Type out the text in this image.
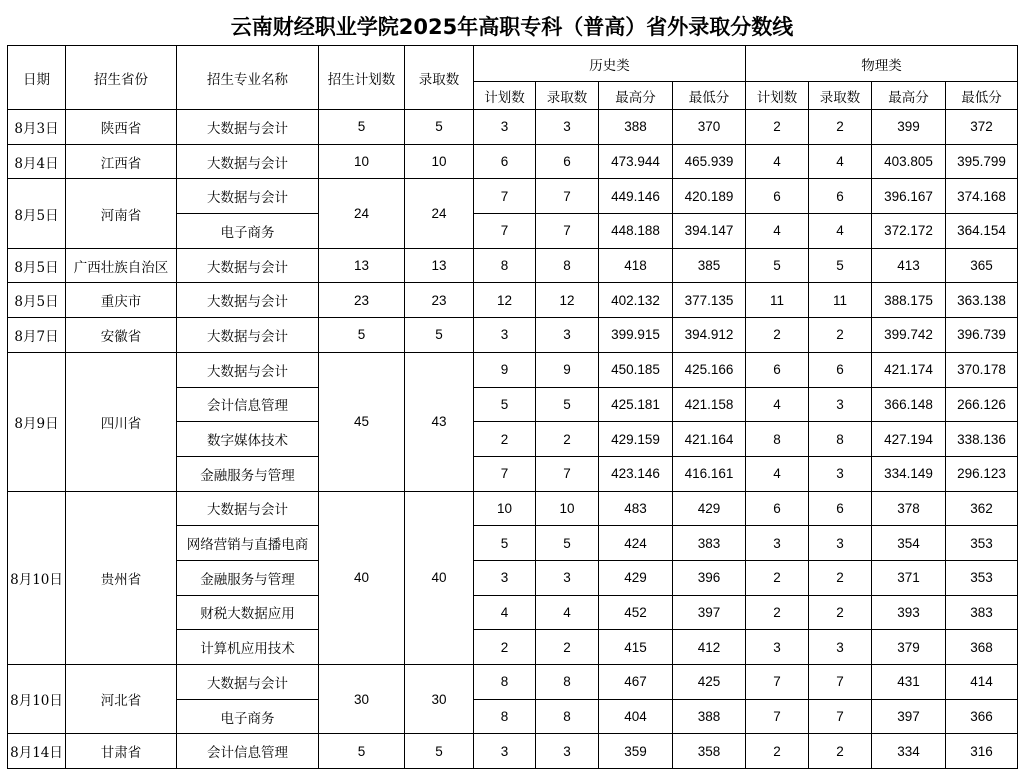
云南财经职业学院2025年高职专科（普高）省外录取分数线
日期	招生省份	招生专业名称	招生计划数	录取数	历史类				物理类			
					计划数	录取数	最高分	最低分	计划数	录取数	最高分	最低分
8月3日	陕西省	大数据与会计	5	5	3	3	388	370	2	2	399	372
8月4日	江西省	大数据与会计	10	10	6	6	473.944	465.939	4	4	403.805	395.799
8月5日	河南省	大数据与会计	24	24	7	7	449.146	420.189	6	6	396.167	374.168
		电子商务			7	7	448.188	394.147	4	4	372.172	364.154
8月5日	广西壮族自治区	大数据与会计	13	13	8	8	418	385	5	5	413	365
8月5日	重庆市	大数据与会计	23	23	12	12	402.132	377.135	11	11	388.175	363.138
8月7日	安徽省	大数据与会计	5	5	3	3	399.915	394.912	2	2	399.742	396.739
8月9日	四川省	大数据与会计	45	43	9	9	450.185	425.166	6	6	421.174	370.178
		会计信息管理			5	5	425.181	421.158	4	3	366.148	266.126
		数字媒体技术			2	2	429.159	421.164	8	8	427.194	338.136
		金融服务与管理			7	7	423.146	416.161	4	3	334.149	296.123
8月10日	贵州省	大数据与会计	40	40	10	10	483	429	6	6	378	362
		网络营销与直播电商			5	5	424	383	3	3	354	353
		金融服务与管理			3	3	429	396	2	2	371	353
		财税大数据应用			4	4	452	397	2	2	393	383
		计算机应用技术			2	2	415	412	3	3	379	368
8月10日	河北省	大数据与会计	30	30	8	8	467	425	7	7	431	414
		电子商务			8	8	404	388	7	7	397	366
8月14日	甘肃省	会计信息管理	5	5	3	3	359	358	2	2	334	316
